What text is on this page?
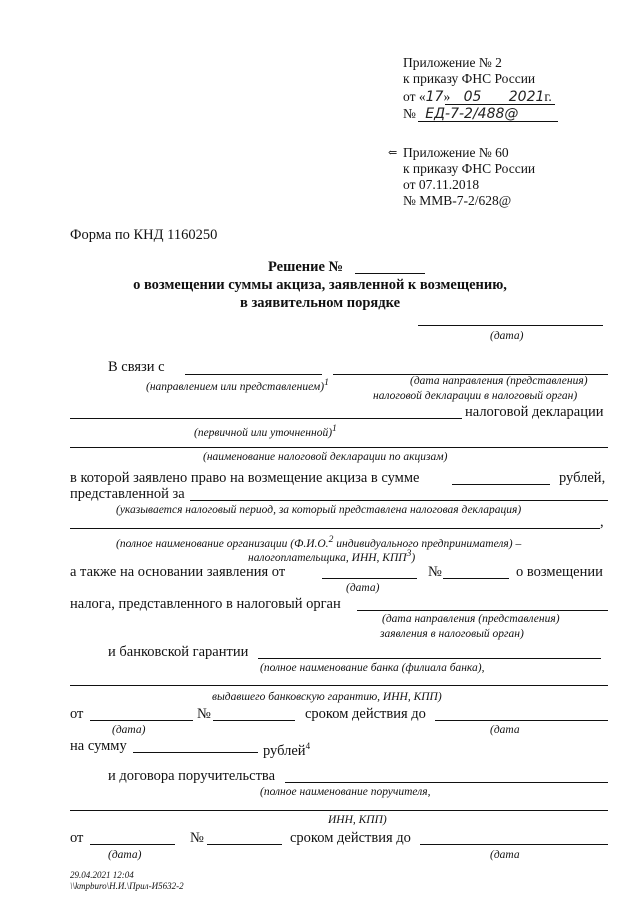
Приложение № 2
к приказу ФНС России
от «17» 05 2021г.
№ ЕД-7-2/488@
⇐ Приложение № 60
к приказу ФНС России
от 07.11.2018
№ ММВ-7-2/628@
Форма по КНД 1160250
Решение №
о возмещении суммы акциза, заявленной к возмещению,
в заявительном порядке
(дата)
В связи с
(направлением или представлением)$^1$	(дата направления (представления)
налоговой декларации в налоговый орган)
налоговой декларации
(первичной или уточненной)$^1$
(наименование налоговой декларации по акцизам)
в которой заявлено право на возмещение акциза в сумме	рублей,
представленной за
(указывается налоговый период, за который представлена налоговая декларация)
,
(полное наименование организации (Ф.И.О.$^2$ индивидуального предпринимателя) –
налогоплательщика, ИНН, КПП$^3$)
а также на основании заявления от	№	о возмещении
(дата)
налога, представленного в налоговый орган
(дата направления (представления)
заявления в налоговый орган)
и банковской гарантии
(полное наименование банка (филиала банка),
выдавшего банковскую гарантию, ИНН, КПП)
от	№	сроком действия до
(дата)	(дата
на сумму	рублей$^4$
и договора поручительства
(полное наименование поручителя,
ИНН, КПП)
от	№	сроком действия до
(дата)	(дата
29.04.2021 12:04
\\kmpburo\Н.И.\Прил-И5632-2
